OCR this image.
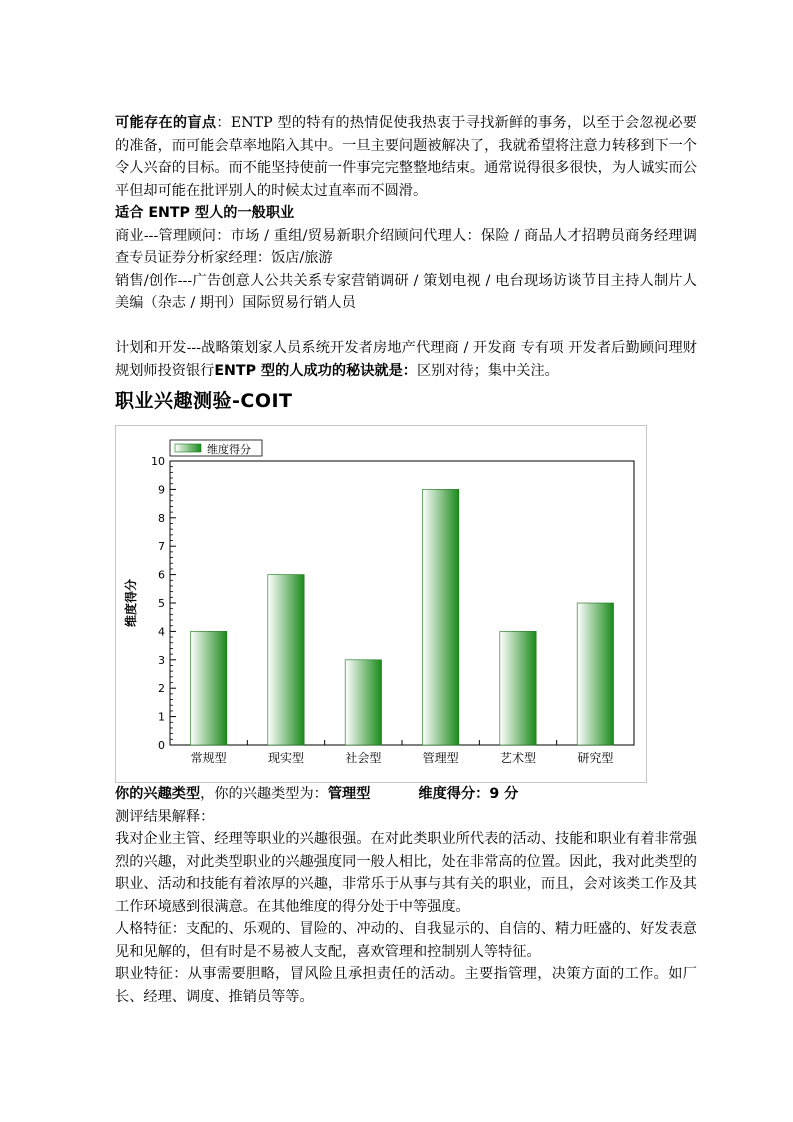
可能存在的盲点：ENTP 型的特有的热情促使我热衷于寻找新鲜的事务，以至于会忽视必要的准备，而可能会草率地陷入其中。一旦主要问题被解决了，我就希望将注意力转移到下一个令人兴奋的目标。而不能坚持使前一件事完完整整地结束。通常说得很多很快，为人诚实而公平但却可能在批评别人的时候太过直率而不圆滑。

适合 ENTP 型人的一般职业

商业---管理顾问：市场 / 重组/贸易新职介绍顾问代理人：保险 / 商品人才招聘员商务经理调查专员证券分析家经理：饭店/旅游

销售/创作---广告创意人公共关系专家营销调研 / 策划电视 / 电台现场访谈节目主持人制片人美编（杂志 / 期刊）国际贸易行销人员

计划和开发---战略策划家人员系统开发者房地产代理商 / 开发商 专有项 开发者后勤顾问理财规划师投资银行ENTP 型的人成功的秘诀就是：区别对待；集中关注。

职业兴趣测验-COIT
维度得分
0
1
2
3
4
5
6
7
8
9
10
常规型	现实型	社会型	管理型	艺术型	研究型
维度得分

你的兴趣类型，你的兴趣类型为：管理型	维度得分：9 分

测评结果解释：

我对企业主管、经理等职业的兴趣很强。在对此类职业所代表的活动、技能和职业有着非常强烈的兴趣，对此类型职业的兴趣强度同一般人相比，处在非常高的位置。因此，我对此类型的职业、活动和技能有着浓厚的兴趣，非常乐于从事与其有关的职业，而且，会对该类工作及其工作环境感到很满意。在其他维度的得分处于中等强度。

人格特征：支配的、乐观的、冒险的、冲动的、自我显示的、自信的、精力旺盛的、好发表意见和见解的，但有时是不易被人支配，喜欢管理和控制别人等特征。

职业特征：从事需要胆略，冒风险且承担责任的活动。主要指管理，决策方面的工作。如厂长、经理、调度、推销员等等。
